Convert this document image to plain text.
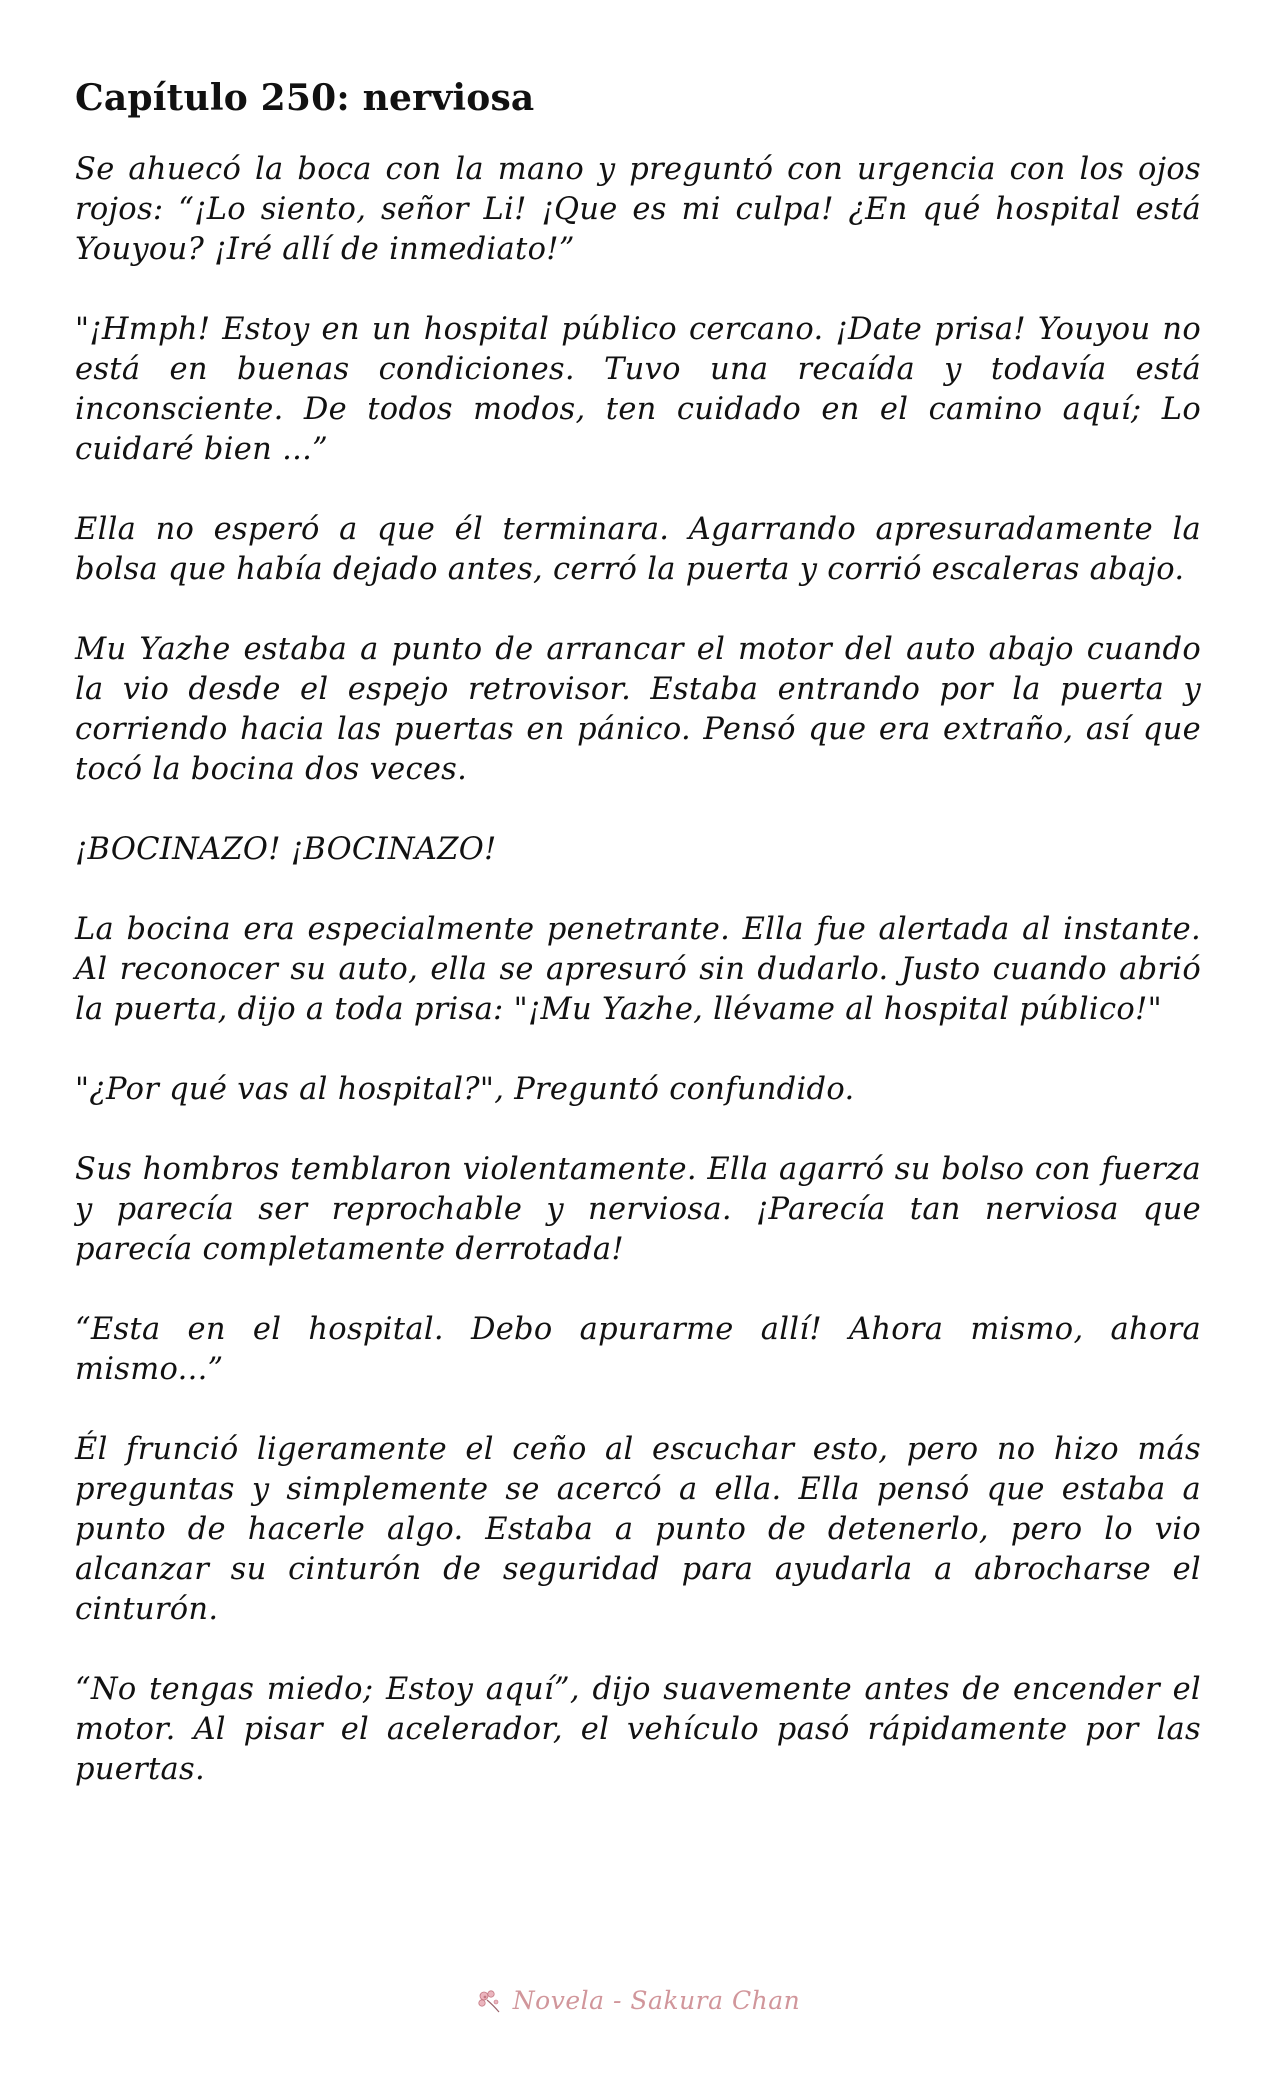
Capítulo 250: nerviosa

Se ahuecó la boca con la mano y preguntó con urgencia con los ojos rojos: “¡Lo siento, señor Li! ¡Que es mi culpa! ¿En qué hospital está Youyou? ¡Iré allí de inmediato!”

"¡Hmph! Estoy en un hospital público cercano. ¡Date prisa! Youyou no está en buenas condiciones. Tuvo una recaída y todavía está inconsciente. De todos modos, ten cuidado en el camino aquí; Lo cuidaré bien ...”

Ella no esperó a que él terminara. Agarrando apresuradamente la bolsa que había dejado antes, cerró la puerta y corrió escaleras abajo.

Mu Yazhe estaba a punto de arrancar el motor del auto abajo cuando la vio desde el espejo retrovisor. Estaba entrando por la puerta y corriendo hacia las puertas en pánico. Pensó que era extraño, así que tocó la bocina dos veces.

¡BOCINAZO! ¡BOCINAZO!

La bocina era especialmente penetrante. Ella fue alertada al instante. Al reconocer su auto, ella se apresuró sin dudarlo. Justo cuando abrió la puerta, dijo a toda prisa: "¡Mu Yazhe, llévame al hospital público!"

"¿Por qué vas al hospital?", Preguntó confundido.

Sus hombros temblaron violentamente. Ella agarró su bolso con fuerza y parecía ser reprochable y nerviosa. ¡Parecía tan nerviosa que parecía completamente derrotada!

“Esta en el hospital. Debo apurarme allí! Ahora mismo, ahora mismo...”

Él frunció ligeramente el ceño al escuchar esto, pero no hizo más preguntas y simplemente se acercó a ella. Ella pensó que estaba a punto de hacerle algo. Estaba a punto de detenerlo, pero lo vio alcanzar su cinturón de seguridad para ayudarla a abrocharse el cinturón.

“No tengas miedo; Estoy aquí”, dijo suavemente antes de encender el motor. Al pisar el acelerador, el vehículo pasó rápidamente por las puertas.

Novela - Sakura Chan
